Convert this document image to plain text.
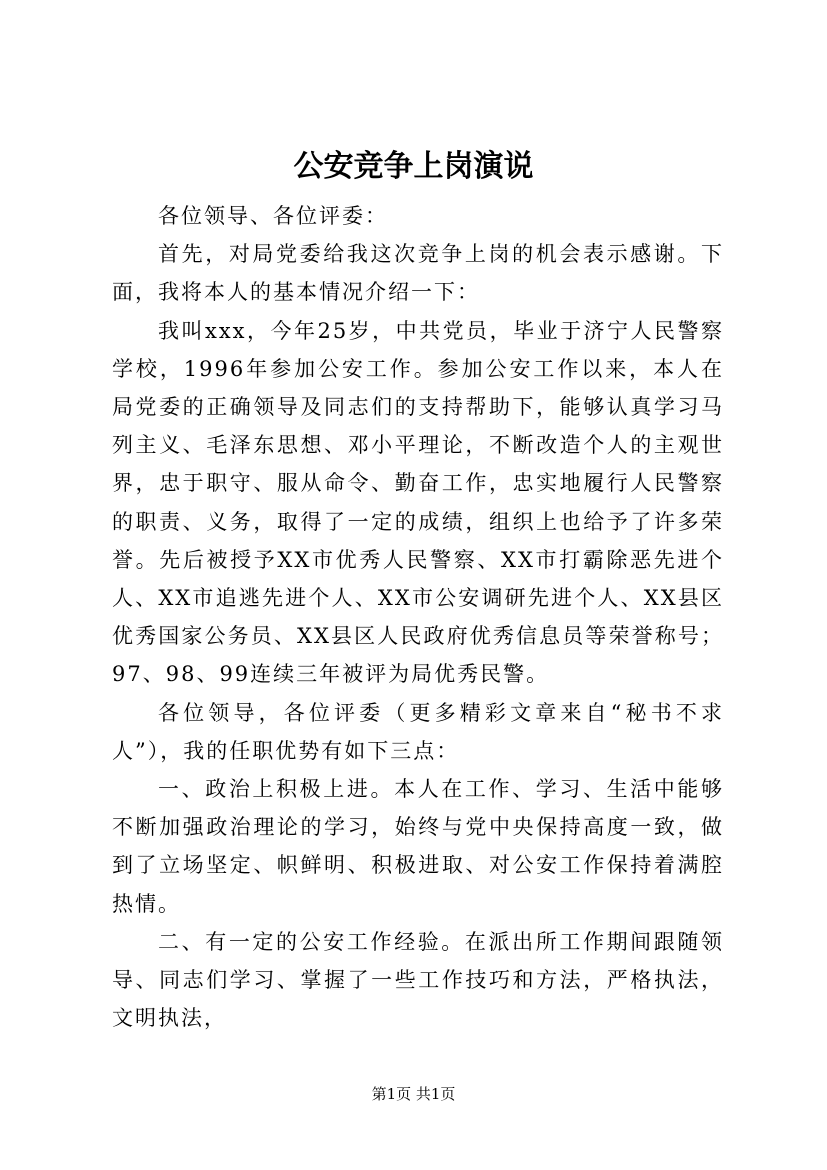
公安竞争上岗演说

各位领导、各位评委：

首先，对局党委给我这次竞争上岗的机会表示感谢。下面，我将本人的基本情况介绍一下：

我叫xxx，今年25岁，中共党员，毕业于济宁人民警察学校，1996年参加公安工作。参加公安工作以来，本人在局党委的正确领导及同志们的支持帮助下，能够认真学习马列主义、毛泽东思想、邓小平理论，不断改造个人的主观世界，忠于职守、服从命令、勤奋工作，忠实地履行人民警察的职责、义务，取得了一定的成绩，组织上也给予了许多荣誉。先后被授予XX市优秀人民警察、XX市打霸除恶先进个人、XX市追逃先进个人、XX市公安调研先进个人、XX县区优秀国家公务员、XX县区人民政府优秀信息员等荣誉称号；97、98、99连续三年被评为局优秀民警。

各位领导，各位评委（更多精彩文章来自“秘书不求人”），我的任职优势有如下三点：

一、政治上积极上进。本人在工作、学习、生活中能够不断加强政治理论的学习，始终与党中央保持高度一致，做到了立场坚定、帜鲜明、积极进取、对公安工作保持着满腔热情。

二、有一定的公安工作经验。在派出所工作期间跟随领导、同志们学习、掌握了一些工作技巧和方法，严格执法，文明执法，

第1页 共1页
